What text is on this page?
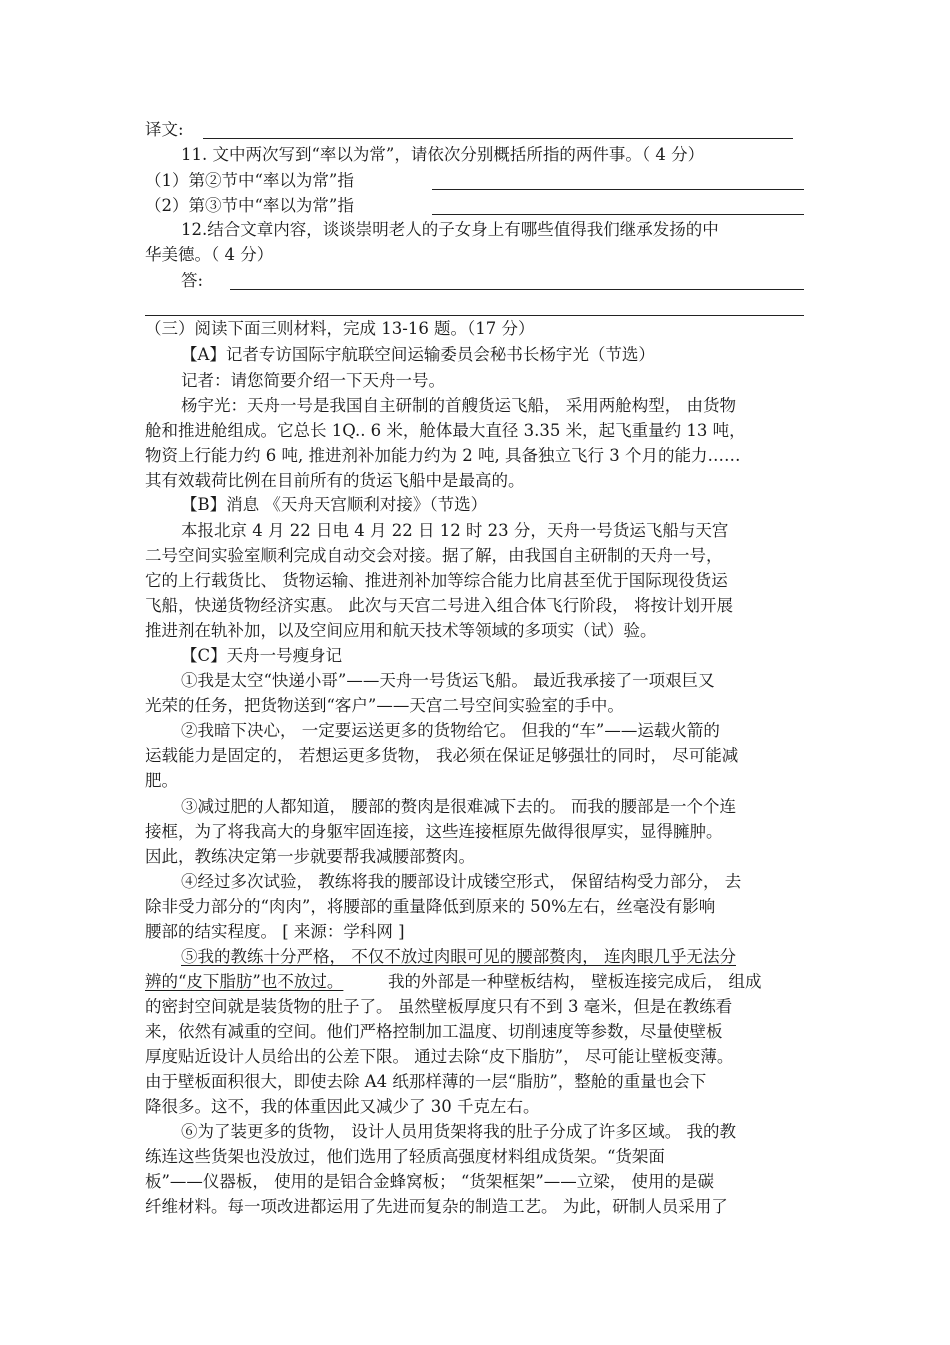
译文:
11. 文中两次写到“率以为常”，请依次分别概括所指的两件事。（ 4 分）
（1）第②节中“率以为常”指
（2）第③节中“率以为常”指
12.结合文章内容，谈谈崇明老人的子女身上有哪些值得我们继承发扬的中
华美德。（ 4 分）
答:
（三）阅读下面三则材料，完成 13-16 题。（17 分）
【A】记者专访国际宇航联空间运输委员会秘书长杨宇光（节选）
记者：请您简要介绍一下天舟一号。
杨宇光：天舟一号是我国自主研制的首艘货运飞船， 采用两舱构型， 由货物
舱和推进舱组成。它总长 1Q.. 6 米，舱体最大直径 3.35 米，起飞重量约 13 吨，
物资上行能力约 6 吨, 推进剂补加能力约为 2 吨, 具备独立飞行 3 个月的能力……
其有效载荷比例在目前所有的货运飞船中是最高的。
【B】消息 《天舟天宫顺利对接》（节选）
本报北京 4 月 22 日电 4 月 22 日 12 时 23 分，天舟一号货运飞船与天宫
二号空间实验室顺利完成自动交会对接。据了解，由我国自主研制的天舟一号，
它的上行载货比、 货物运输、推进剂补加等综合能力比肩甚至优于国际现役货运
飞船，快递货物经济实惠。 此次与天宫二号进入组合体飞行阶段， 将按计划开展
推进剂在轨补加，以及空间应用和航天技术等领域的多项实（试）验。
【C】天舟一号瘦身记
①我是太空“快递小哥”——天舟一号货运飞船。 最近我承接了一项艰巨又
光荣的任务，把货物送到“客户”——天宫二号空间实验室的手中。
②我暗下决心， 一定要运送更多的货物给它。 但我的“车”——运载火箭的
运载能力是固定的， 若想运更多货物， 我必须在保证足够强壮的同时， 尽可能减
肥。
③减过肥的人都知道， 腰部的赘肉是很难减下去的。 而我的腰部是一个个连
接框，为了将我高大的身躯牢固连接，这些连接框原先做得很厚实，显得臃肿。
因此，教练决定第一步就要帮我减腰部赘肉。
④经过多次试验， 教练将我的腰部设计成镂空形式， 保留结构受力部分， 去
除非受力部分的“肉肉”，将腰部的重量降低到原来的 50%左右，丝毫没有影响
腰部的结实程度。 [ 来源：学科网 ]
⑤我的教练十分严格， 不仅不放过肉眼可见的腰部赘肉， 连肉眼几乎无法分
辨的“皮下脂肪”也不放过。	我的外部是一种壁板结构， 壁板连接完成后， 组成
的密封空间就是装货物的肚子了。 虽然壁板厚度只有不到 3 毫米，但是在教练看
来，依然有减重的空间。他们严格控制加工温度、切削速度等参数，尽量使壁板
厚度贴近设计人员给出的公差下限。 通过去除“皮下脂肪”， 尽可能让壁板变薄。
由于壁板面积很大，即使去除 A4 纸那样薄的一层“脂肪”，整舱的重量也会下
降很多。这不，我的体重因此又减少了 30 千克左右。
⑥为了装更多的货物， 设计人员用货架将我的肚子分成了许多区域。 我的教
练连这些货架也没放过，他们选用了轻质高强度材料组成货架。“货架面
板”——仪器板， 使用的是铝合金蜂窝板； “货架框架”——立梁， 使用的是碳
纤维材料。每一项改进都运用了先进而复杂的制造工艺。 为此，研制人员采用了
